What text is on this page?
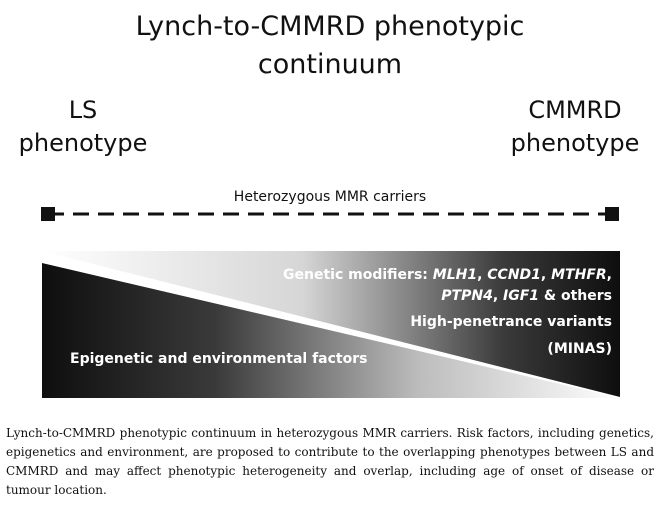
Lynch-to-CMMRD phenotypic
continuum
LS
phenotype
CMMRD
phenotype
Heterozygous MMR carriers
Genetic modifiers: MLH1, CCND1, MTHFR,
PTPN4, IGF1 & others
High-penetrance variants
(MINAS)
Epigenetic and environmental factors
Lynch-to-CMMRD phenotypic continuum in heterozygous MMR carriers. Risk factors, including genetics, epigenetics and environment, are proposed to contribute to the overlapping phenotypes between LS and CMMRD and may affect phenotypic heterogeneity and overlap, including age of onset of disease or tumour location.
